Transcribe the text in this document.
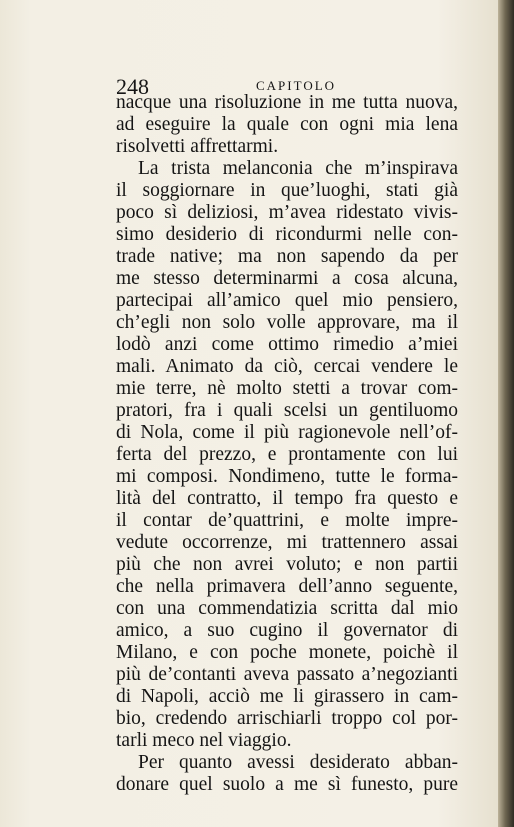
248	CAPITOLO
nacque una risoluzione in me tutta nuova,
ad eseguire la quale con ogni mia lena
risolvetti affrettarmi.
La trista melanconia che m’inspirava
il soggiornare in que’luoghi, stati già
poco sì deliziosi, m’avea ridestato vivis-
simo desiderio di ricondurmi nelle con-
trade native; ma non sapendo da per
me stesso determinarmi a cosa alcuna,
partecipai all’amico quel mio pensiero,
ch’egli non solo volle approvare, ma il
lodò anzi come ottimo rimedio a’miei
mali. Animato da ciò, cercai vendere le
mie terre, nè molto stetti a trovar com-
pratori, fra i quali scelsi un gentiluomo
di Nola, come il più ragionevole nell’of-
ferta del prezzo, e prontamente con lui
mi composi. Nondimeno, tutte le forma-
lità del contratto, il tempo fra questo e
il contar de’quattrini, e molte impre-
vedute occorrenze, mi trattennero assai
più che non avrei voluto; e non partii
che nella primavera dell’anno seguente,
con una commendatizia scritta dal mio
amico, a suo cugino il governator di
Milano, e con poche monete, poichè il
più de’contanti aveva passato a’negozianti
di Napoli, acciò me li girassero in cam-
bio, credendo arrischiarli troppo col por-
tarli meco nel viaggio.
Per quanto avessi desiderato abban-
donare quel suolo a me sì funesto, pure
